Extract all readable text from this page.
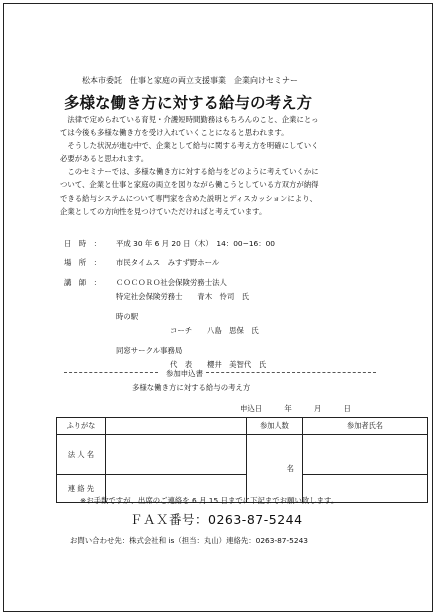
松本市委託　仕事と家庭の両立支援事業　企業向けセミナー
多様な働き方に対する給与の考え方
　法律で定められている育児・介護短時間勤務はもちろんのこと、企業にとっ
ては今後も多様な働き方を受け入れていくことになると思われます。
　そうした状況が進む中で、企業として給与に関する考え方を明確にしていく
必要があると思われます。
　このセミナーでは、多様な働き方に対する給与をどのように考えていくかに
ついて、企業と仕事と家庭の両立を図りながら働こうとしている方双方が納得
できる給与システムについて専門家を含めた説明とディスカッションにより、
企業としての方向性を見つけていただければと考えています。
日　時　： 平成 30 年 6 月 20 日（木）　14：00−16：00
場　所　： 市民タイムス　みすず野ホール
講　師　： ＣＯＣＯＲＯ社会保険労務士法人
特定社会保険労務士　　青木　怜司　氏
時の駅
コーチ　　八島　思保　氏
同窓サークル事務局
代　表　　櫻井　美智代　氏
参加申込書
多様な働き方に対する給与の考え方
申込日　　　年　　　月　　　日
ふりがな		参加人数	参加者氏名
法 人 名		名	
連 絡 先			
※お手数ですが、出席のご連絡を 6 月 15 日までに下記までお願い致します。
ＦＡＸ番号：0263-87-5244
お問い合わせ先：株式会社和 is（担当：丸山）連絡先：0263-87-5243
